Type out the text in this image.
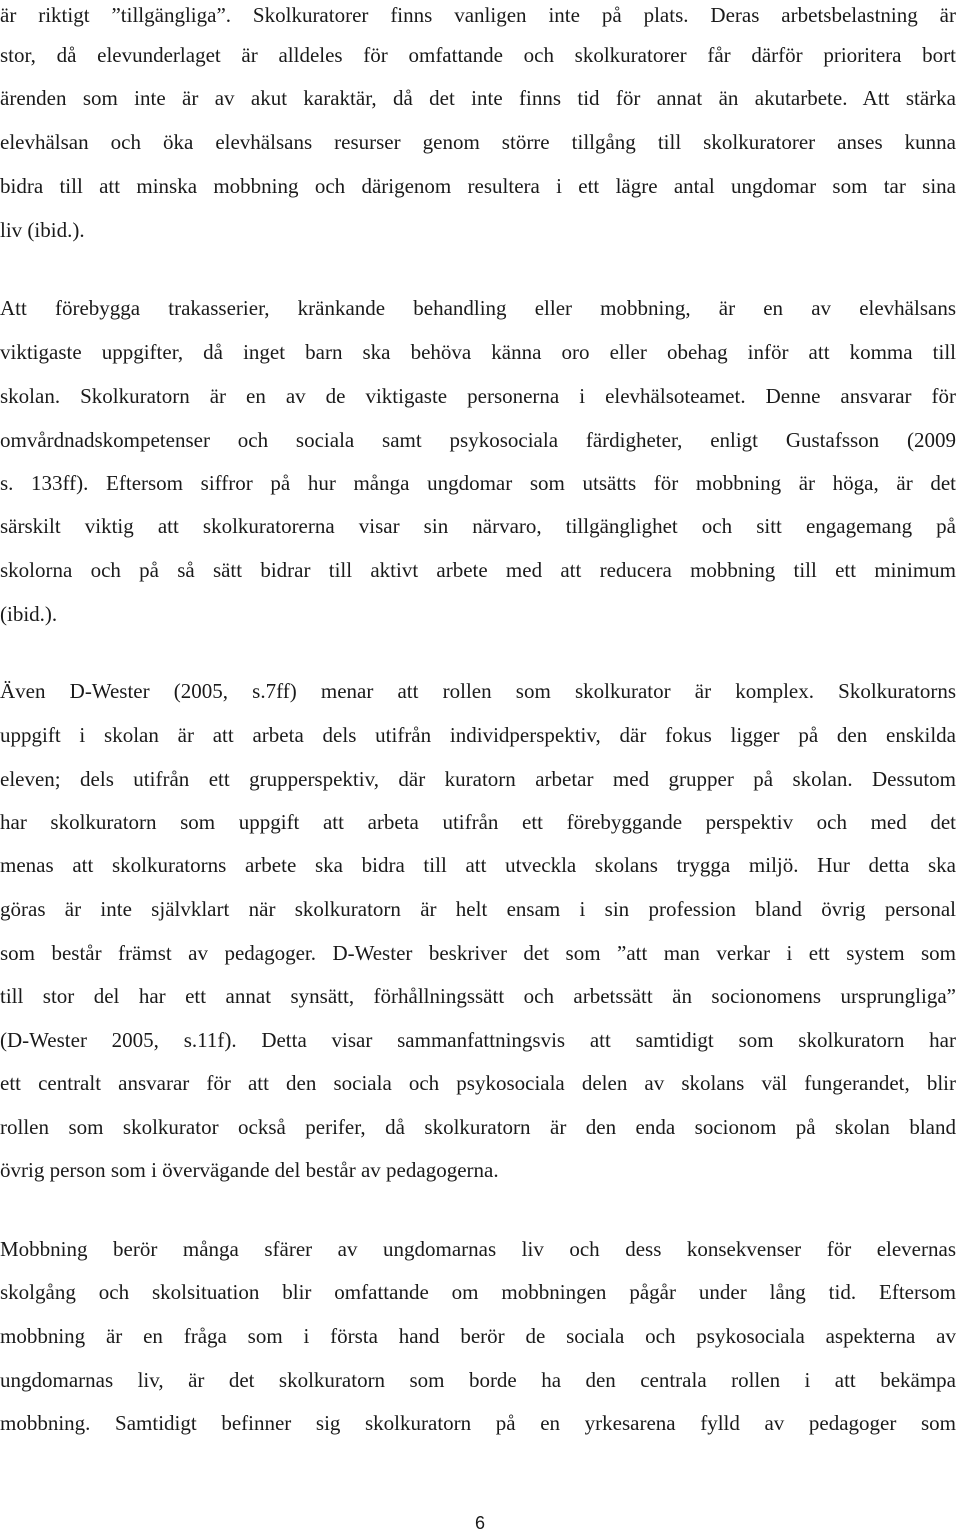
är riktigt ”tillgängliga”. Skolkuratorer finns vanligen inte på plats. Deras arbetsbelastning är
stor, då elevunderlaget är alldeles för omfattande och skolkuratorer får därför prioritera bort
ärenden som inte är av akut karaktär, då det inte finns tid för annat än akutarbete. Att stärka
elevhälsan och öka elevhälsans resurser genom större tillgång till skolkuratorer anses kunna
bidra till att minska mobbning och därigenom resultera i ett lägre antal ungdomar som tar sina
liv (ibid.).
Att förebygga trakasserier, kränkande behandling eller mobbning, är en av elevhälsans
viktigaste uppgifter, då inget barn ska behöva känna oro eller obehag inför att komma till
skolan. Skolkuratorn är en av de viktigaste personerna i elevhälsoteamet. Denne ansvarar för
omvårdnadskompetenser och sociala samt psykosociala färdigheter, enligt Gustafsson (2009
s. 133ff). Eftersom siffror på hur många ungdomar som utsätts för mobbning är höga, är det
särskilt viktig att skolkuratorerna visar sin närvaro, tillgänglighet och sitt engagemang på
skolorna och på så sätt bidrar till aktivt arbete med att reducera mobbning till ett minimum
(ibid.).
Även D-Wester (2005, s.7ff) menar att rollen som skolkurator är komplex. Skolkuratorns
uppgift i skolan är att arbeta dels utifrån individperspektiv, där fokus ligger på den enskilda
eleven; dels utifrån ett grupperspektiv, där kuratorn arbetar med grupper på skolan. Dessutom
har skolkuratorn som uppgift att arbeta utifrån ett förebyggande perspektiv och med det
menas att skolkuratorns arbete ska bidra till att utveckla skolans trygga miljö. Hur detta ska
göras är inte självklart när skolkuratorn är helt ensam i sin profession bland övrig personal
som består främst av pedagoger. D-Wester beskriver det som ”att man verkar i ett system som
till stor del har ett annat synsätt, förhållningssätt och arbetssätt än socionomens ursprungliga”
(D-Wester 2005, s.11f). Detta visar sammanfattningsvis att samtidigt som skolkuratorn har
ett centralt ansvarar för att den sociala och psykosociala delen av skolans väl fungerandet, blir
rollen som skolkurator också perifer, då skolkuratorn är den enda socionom på skolan bland
övrig person som i övervägande del består av pedagogerna.
Mobbning berör många sfärer av ungdomarnas liv och dess konsekvenser för elevernas
skolgång och skolsituation blir omfattande om mobbningen pågår under lång tid. Eftersom
mobbning är en fråga som i första hand berör de sociala och psykosociala aspekterna av
ungdomarnas liv, är det skolkuratorn som borde ha den centrala rollen i att bekämpa
mobbning. Samtidigt befinner sig skolkuratorn på en yrkesarena fylld av pedagoger som
6
